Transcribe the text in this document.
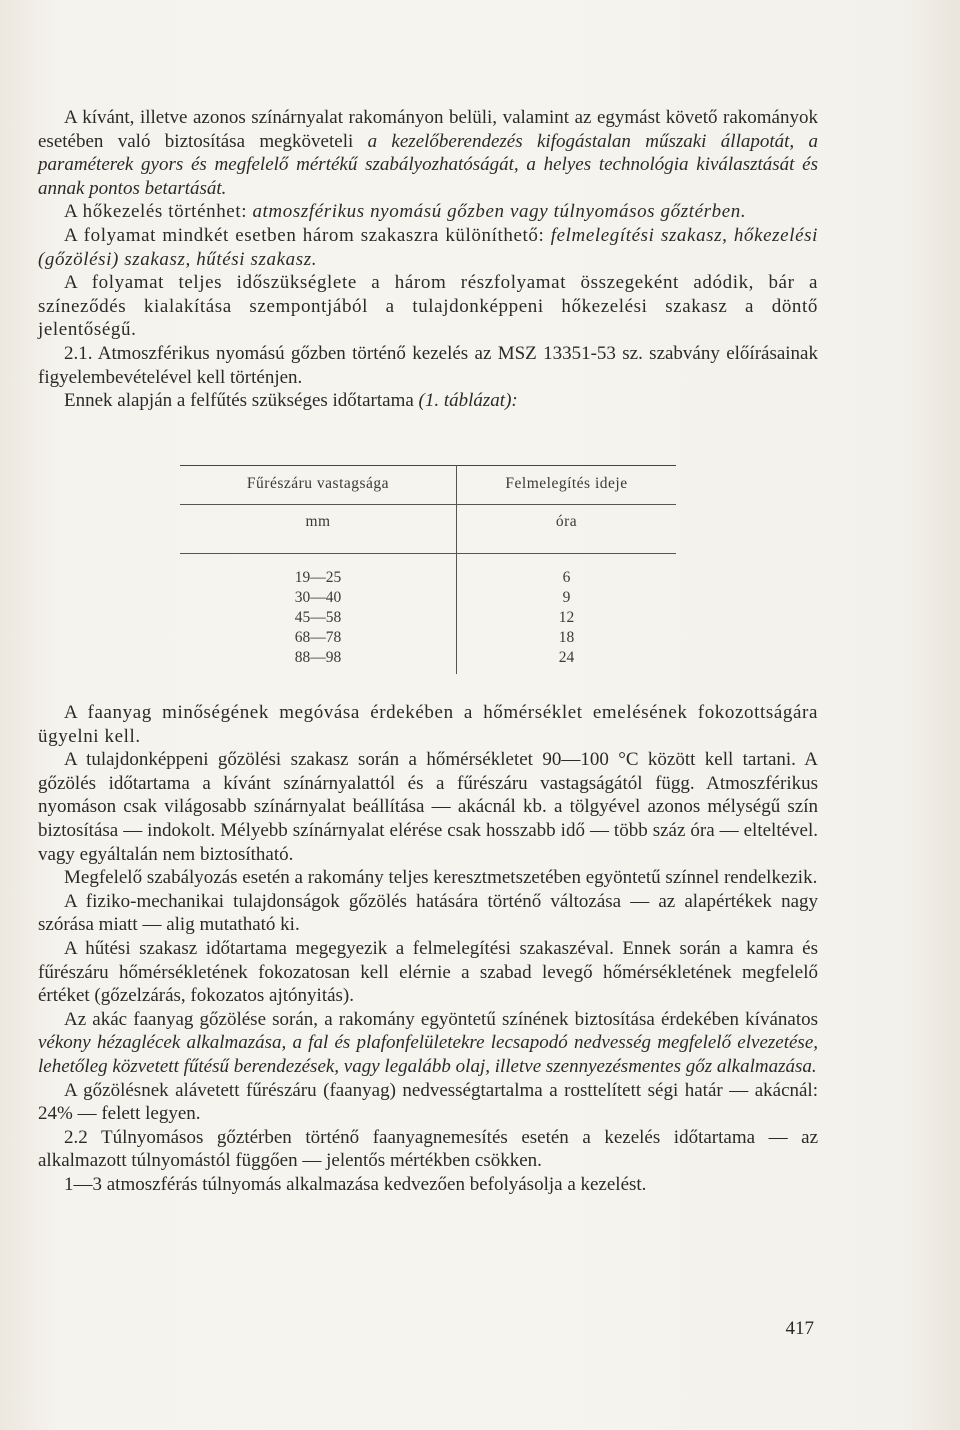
A kívánt, illetve azonos színárnyalat rakományon belüli, valamint az egymást követő rakományok esetében való biztosítása megköveteli a kezelőberendezés kifogástalan műszaki állapotát, a paraméterek gyors és megfelelő mértékű szabályozhatóságát, a helyes technológia kiválasztását és annak pontos betartását.

A hőkezelés történhet: atmoszférikus nyomású gőzben vagy túlnyomásos gőztérben.

A folyamat mindkét esetben három szakaszra különíthető: felmelegítési szakasz, hőkezelési (gőzölési) szakasz, hűtési szakasz.

A folyamat teljes időszükséglete a három részfolyamat összegeként adódik, bár a színeződés kialakítása szempontjából a tulajdonképpeni hőkezelési szakasz a döntő jelentőségű.

2.1. Atmoszférikus nyomású gőzben történő kezelés az MSZ 13351-53 sz. szabvány előírásainak figyelembevételével kell történjen.

Ennek alapján a felfűtés szükséges időtartama (1. táblázat):

Fűrészáru vastagsága	Felmelegítés ideje
mm	óra
19—25	6
30—40	9
45—58	12
68—78	18
88—98	24

A faanyag minőségének megóvása érdekében a hőmérséklet emelésének fokozottságára ügyelni kell.

A tulajdonképpeni gőzölési szakasz során a hőmérsékletet 90—100 °C között kell tartani. A gőzölés időtartama a kívánt színárnyalattól és a fűrészáru vastagságától függ. Atmoszférikus nyomáson csak világosabb színárnyalat beállítása — akácnál kb. a tölgyével azonos mélységű szín biztosítása — indokolt. Mélyebb színárnyalat elérése csak hosszabb idő — több száz óra — elteltével. vagy egyáltalán nem biztosítható.

Megfelelő szabályozás esetén a rakomány teljes keresztmetszetében egyöntetű színnel rendelkezik.

A fiziko-mechanikai tulajdonságok gőzölés hatására történő változása — az alapértékek nagy szórása miatt — alig mutatható ki.

A hűtési szakasz időtartama megegyezik a felmelegítési szakaszéval. Ennek során a kamra és fűrészáru hőmérsékletének fokozatosan kell elérnie a szabad levegő hőmérsékletének megfelelő értéket (gőzelzárás, fokozatos ajtónyitás).

Az akác faanyag gőzölése során, a rakomány egyöntetű színének biztosítása érdekében kívánatos vékony hézaglécek alkalmazása, a fal és plafonfelületekre lecsapodó nedvesség megfelelő elvezetése, lehetőleg közvetett fűtésű berendezések, vagy legalább olaj, illetve szennyezésmentes gőz alkalmazása.

A gőzölésnek alávetett fűrészáru (faanyag) nedvességtartalma a rosttelített ségi határ — akácnál: 24% — felett legyen.

2.2 Túlnyomásos gőztérben történő faanyagnemesítés esetén a kezelés időtartama — az alkalmazott túlnyomástól függően — jelentős mértékben csökken.

1—3 atmoszférás túlnyomás alkalmazása kedvezően befolyásolja a kezelést.

417
